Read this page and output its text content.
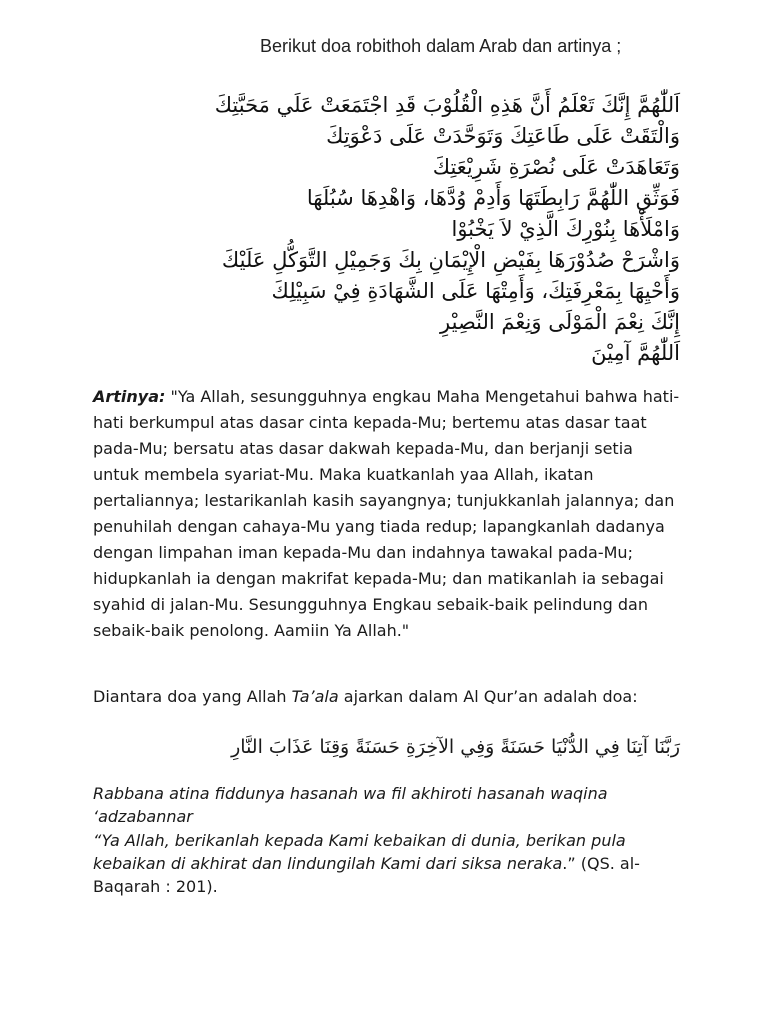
Berikut doa robithoh dalam Arab dan artinya ;
اَللّٰهُمَّ إِنَّكَ تَعْلَمُ أَنَّ هَذِهِ الْقُلُوْبَ قَدِ اجْتَمَعَتْ عَلَي مَحَبَّتِكَ
وَالْتَقَتْ عَلَى طَاعَتِكَ وَتَوَحَّدَتْ عَلَى دَعْوَتِكَ
وَتَعَاهَدَتْ عَلَى نُصْرَةِ شَرِيْعَتِكَ
فَوَثِّقِ اللّٰهُمَّ رَابِطَتَهَا وَأَدِمْ وُدَّهَا، وَاهْدِهَا سُبُلَهَا
وَامْلَأْهَا بِنُوْرِكَ الَّذِيْ لاَ يَخْبُوْا
وَاشْرَحْ صُدُوْرَهَا بِفَيْضِ الْإِيْمَانِ بِكَ وَجَمِيْلِ التَّوَكُّلِ عَلَيْكَ
وَأَحْيِهَا بِمَعْرِفَتِكَ، وَأَمِتْهَا عَلَى الشَّهَادَةِ فِيْ سَبِيْلِكَ
إِنَّكَ نِعْمَ الْمَوْلَى وَنِعْمَ النَّصِيْرِ
اَللّٰهُمَّ آمِيْنَ
Artinya: "Ya Allah, sesungguhnya engkau Maha Mengetahui bahwa hati-hati berkumpul atas dasar cinta kepada-Mu; bertemu atas dasar taat pada-Mu; bersatu atas dasar dakwah kepada-Mu, dan berjanji setia untuk membela syariat-Mu. Maka kuatkanlah yaa Allah, ikatan pertaliannya; lestarikanlah kasih sayangnya; tunjukkanlah jalannya; dan penuhilah dengan cahaya-Mu yang tiada redup; lapangkanlah dadanya dengan limpahan iman kepada-Mu dan indahnya tawakal pada-Mu; hidupkanlah ia dengan makrifat kepada-Mu; dan matikanlah ia sebagai syahid di jalan-Mu. Sesungguhnya Engkau sebaik-baik pelindung dan sebaik-baik penolong. Aamiin Ya Allah."
Diantara doa yang Allah Ta’ala ajarkan dalam Al Qur’an adalah doa:
رَبَّنَا آتِنَا فِي الدُّنْيَا حَسَنَةً وَفِي الآخِرَةِ حَسَنَةً وَقِنَا عَذَابَ النَّارِ
Rabbana atina fiddunya hasanah wa fil akhiroti hasanah waqina ‘adzabannar
“Ya Allah, berikanlah kepada Kami kebaikan di dunia, berikan pula kebaikan di akhirat dan lindungilah Kami dari siksa neraka.” (QS. al-Baqarah : 201).
